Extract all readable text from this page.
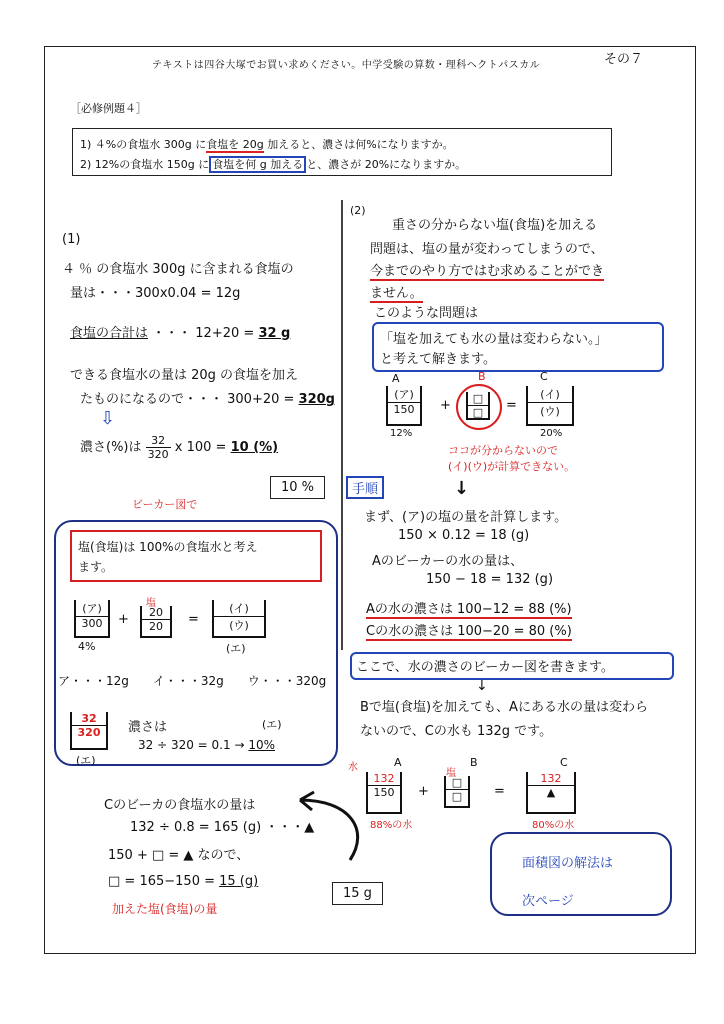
テキストは四谷大塚でお買い求めください。中学受験の算数・理科ヘクトパスカル	その７
［必修例題４］
1) ４%の食塩水 300g に食塩を 20g 加えると、濃さは何%になりますか。
2) 12%の食塩水 150g に 食塩を何 g 加える と、濃さが 20%になりますか。
(1)
４ ％ の食塩水 300g に含まれる食塩の
量は・・・300x0.04 = 12g
食塩の合計は ・・・ 12+20 = 32 g
できる食塩水の量は 20g の食塩を加え
たものになるので・・・ 300+20 = 320g
⇩
濃さ(%)は $\frac{32}{320}$ x 100 = 10 (%)
10 %
ビーカー図で
塩(食塩)は 100%の食塩水と考え
ます。
(ア)
300
4%
+
塩
20
20	=
(イ)
(ウ)
(エ)
ア・・・12g　　イ・・・32g　　ウ・・・320g
32
320
(エ)
濃さは
32 ÷ 320 = 0.1 → 10%
(エ)
Cのビーカの食塩水の量は
132 ÷ 0.8 = 165 (g) ・・・▲
150 + □ = ▲ なので、
□ = 165−150 = 15 (g)
加えた塩(食塩)の量
15 g
(2)
重さの分からない塩(食塩)を加える
問題は、塩の量が変わってしまうので、
今までのやり方ではむ求めることができ
ません。
このような問題は
「塩を加えても水の量は変わらない。」
と考えて解きます。
A	B	C
(ア)
150
12%
+	□
□	=
(イ)
(ウ)
20%
ココが分からないので
(イ)(ウ)が計算できない。
手順	↓
まず、(ア)の塩の量を計算します。
150 × 0.12 = 18 (g)
Aのビーカーの水の量は、
150 − 18 = 132 (g)
Aの水の濃さは 100−12 = 88 (%)
Cの水の濃さは 100−20 = 80 (%)
ここで、水の濃さのビーカー図を書きます。
↓
Bで塩(食塩)を加えても、Aにある水の量は変わら
ないので、Cの水も 132g です。
水	A
132
150
88%の水
+
B
塩
□
□	=
C
132
▲
80%の水
面積図の解法は
次ページ
